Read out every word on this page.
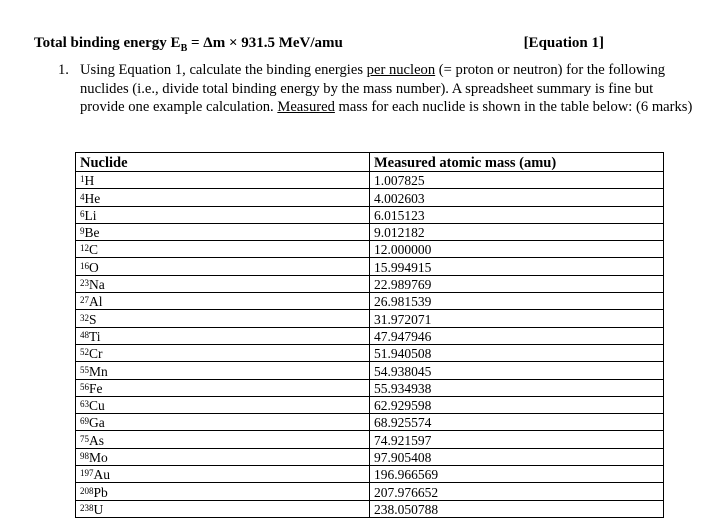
Total binding energy $E_B = \Delta m \times 931.5$ MeV/amu	[Equation 1]
1. Using Equation 1, calculate the binding energies per nucleon (= proton or neutron) for the following nuclides (i.e., divide total binding energy by the mass number). A spreadsheet summary is fine but provide one example calculation. Measured mass for each nuclide is shown in the table below: (6 marks)
Nuclide	Measured atomic mass (amu)
$^1$H	1.007825
$^4$He	4.002603
$^6$Li	6.015123
$^9$Be	9.012182
$^{12}$C	12.000000
$^{16}$O	15.994915
$^{23}$Na	22.989769
$^{27}$Al	26.981539
$^{32}$S	31.972071
$^{48}$Ti	47.947946
$^{52}$Cr	51.940508
$^{55}$Mn	54.938045
$^{56}$Fe	55.934938
$^{63}$Cu	62.929598
$^{69}$Ga	68.925574
$^{75}$As	74.921597
$^{98}$Mo	97.905408
$^{197}$Au	196.966569
$^{208}$Pb	207.976652
$^{238}$U	238.050788
